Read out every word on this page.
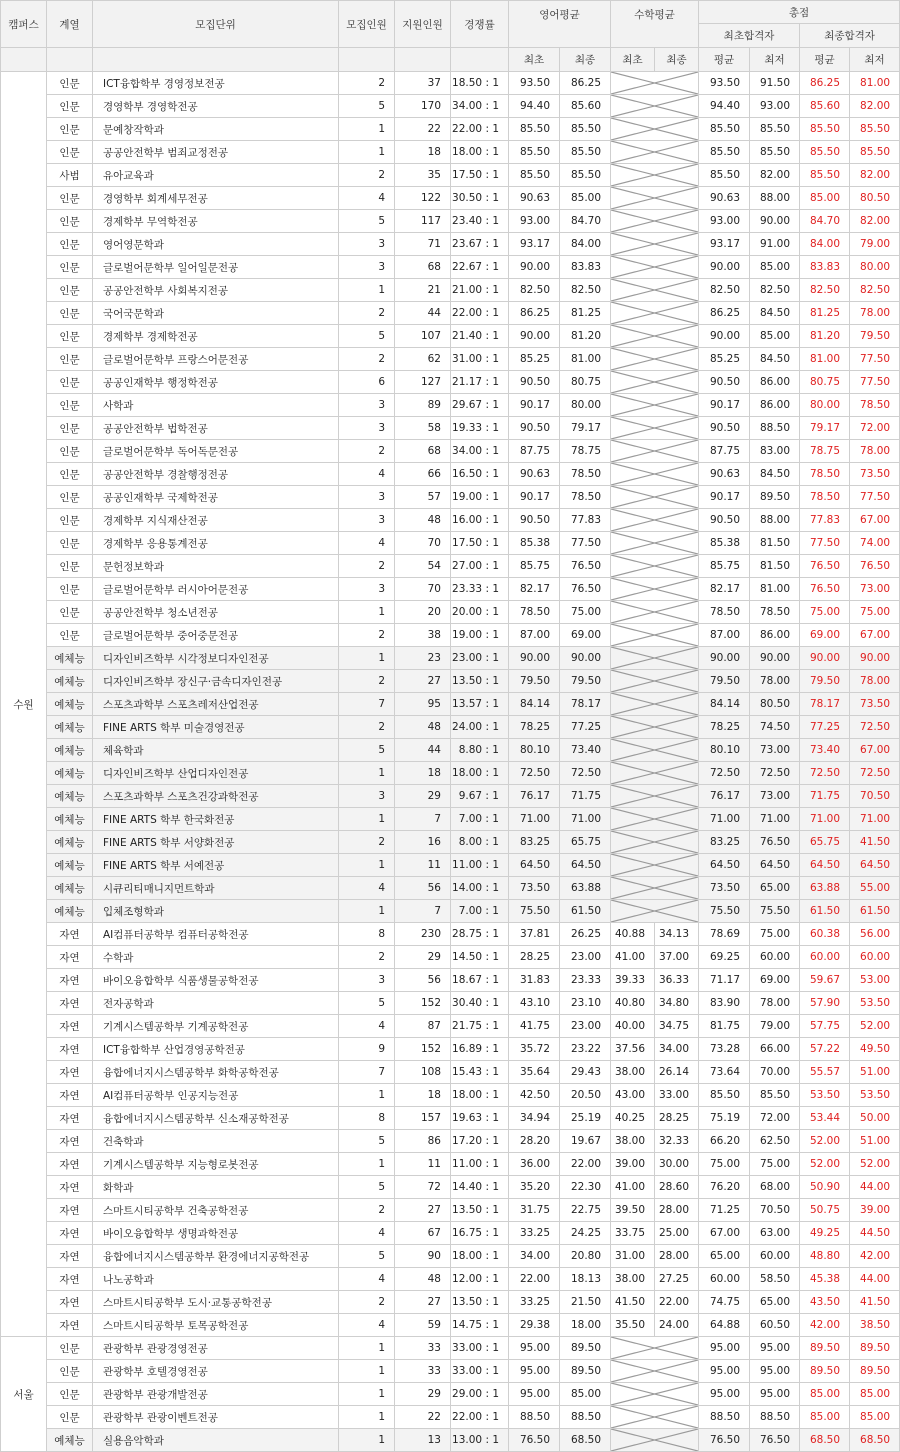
캠퍼스	계열	모집단위	모집인원	지원인원	경쟁률	영어평균		수학평균		총점			
										최초합격자		최종합격자	
						최초	최종	최초	최종	평균	최저	평균	최저
수원	인문	ICT융합학부 경영정보전공	2	37	18.50 : 1	93.50	86.25			93.50	91.50	86.25	81.00
	인문	경영학부 경영학전공	5	170	34.00 : 1	94.40	85.60			94.40	93.00	85.60	82.00
	인문	문예창작학과	1	22	22.00 : 1	85.50	85.50			85.50	85.50	85.50	85.50
	인문	공공안전학부 범죄교정전공	1	18	18.00 : 1	85.50	85.50			85.50	85.50	85.50	85.50
	사범	유아교육과	2	35	17.50 : 1	85.50	85.50			85.50	82.00	85.50	82.00
	인문	경영학부 회계세무전공	4	122	30.50 : 1	90.63	85.00			90.63	88.00	85.00	80.50
	인문	경제학부 무역학전공	5	117	23.40 : 1	93.00	84.70			93.00	90.00	84.70	82.00
	인문	영어영문학과	3	71	23.67 : 1	93.17	84.00			93.17	91.00	84.00	79.00
	인문	글로벌어문학부 일어일문전공	3	68	22.67 : 1	90.00	83.83			90.00	85.00	83.83	80.00
	인문	공공안전학부 사회복지전공	1	21	21.00 : 1	82.50	82.50			82.50	82.50	82.50	82.50
	인문	국어국문학과	2	44	22.00 : 1	86.25	81.25			86.25	84.50	81.25	78.00
	인문	경제학부 경제학전공	5	107	21.40 : 1	90.00	81.20			90.00	85.00	81.20	79.50
	인문	글로벌어문학부 프랑스어문전공	2	62	31.00 : 1	85.25	81.00			85.25	84.50	81.00	77.50
	인문	공공인재학부 행정학전공	6	127	21.17 : 1	90.50	80.75			90.50	86.00	80.75	77.50
	인문	사학과	3	89	29.67 : 1	90.17	80.00			90.17	86.00	80.00	78.50
	인문	공공안전학부 법학전공	3	58	19.33 : 1	90.50	79.17			90.50	88.50	79.17	72.00
	인문	글로벌어문학부 독어독문전공	2	68	34.00 : 1	87.75	78.75			87.75	83.00	78.75	78.00
	인문	공공안전학부 경찰행정전공	4	66	16.50 : 1	90.63	78.50			90.63	84.50	78.50	73.50
	인문	공공인재학부 국제학전공	3	57	19.00 : 1	90.17	78.50			90.17	89.50	78.50	77.50
	인문	경제학부 지식재산전공	3	48	16.00 : 1	90.50	77.83			90.50	88.00	77.83	67.00
	인문	경제학부 응용통계전공	4	70	17.50 : 1	85.38	77.50			85.38	81.50	77.50	74.00
	인문	문헌정보학과	2	54	27.00 : 1	85.75	76.50			85.75	81.50	76.50	76.50
	인문	글로벌어문학부 러시아어문전공	3	70	23.33 : 1	82.17	76.50			82.17	81.00	76.50	73.00
	인문	공공안전학부 청소년전공	1	20	20.00 : 1	78.50	75.00			78.50	78.50	75.00	75.00
	인문	글로벌어문학부 중어중문전공	2	38	19.00 : 1	87.00	69.00			87.00	86.00	69.00	67.00
	예체능	디자인비즈학부 시각정보디자인전공	1	23	23.00 : 1	90.00	90.00			90.00	90.00	90.00	90.00
	예체능	디자인비즈학부 장신구·금속디자인전공	2	27	13.50 : 1	79.50	79.50			79.50	78.00	79.50	78.00
	예체능	스포츠과학부 스포츠레저산업전공	7	95	13.57 : 1	84.14	78.17			84.14	80.50	78.17	73.50
	예체능	FINE ARTS 학부 미술경영전공	2	48	24.00 : 1	78.25	77.25			78.25	74.50	77.25	72.50
	예체능	체육학과	5	44	8.80 : 1	80.10	73.40			80.10	73.00	73.40	67.00
	예체능	디자인비즈학부 산업디자인전공	1	18	18.00 : 1	72.50	72.50			72.50	72.50	72.50	72.50
	예체능	스포츠과학부 스포츠건강과학전공	3	29	9.67 : 1	76.17	71.75			76.17	73.00	71.75	70.50
	예체능	FINE ARTS 학부 한국화전공	1	7	7.00 : 1	71.00	71.00			71.00	71.00	71.00	71.00
	예체능	FINE ARTS 학부 서양화전공	2	16	8.00 : 1	83.25	65.75			83.25	76.50	65.75	41.50
	예체능	FINE ARTS 학부 서예전공	1	11	11.00 : 1	64.50	64.50			64.50	64.50	64.50	64.50
	예체능	시큐리티매니지먼트학과	4	56	14.00 : 1	73.50	63.88			73.50	65.00	63.88	55.00
	예체능	입체조형학과	1	7	7.00 : 1	75.50	61.50			75.50	75.50	61.50	61.50
	자연	AI컴퓨터공학부 컴퓨터공학전공	8	230	28.75 : 1	37.81	26.25	40.88	34.13	78.69	75.00	60.38	56.00
	자연	수학과	2	29	14.50 : 1	28.25	23.00	41.00	37.00	69.25	60.00	60.00	60.00
	자연	바이오융합학부 식품생물공학전공	3	56	18.67 : 1	31.83	23.33	39.33	36.33	71.17	69.00	59.67	53.00
	자연	전자공학과	5	152	30.40 : 1	43.10	23.10	40.80	34.80	83.90	78.00	57.90	53.50
	자연	기계시스템공학부 기계공학전공	4	87	21.75 : 1	41.75	23.00	40.00	34.75	81.75	79.00	57.75	52.00
	자연	ICT융합학부 산업경영공학전공	9	152	16.89 : 1	35.72	23.22	37.56	34.00	73.28	66.00	57.22	49.50
	자연	융합에너지시스템공학부 화학공학전공	7	108	15.43 : 1	35.64	29.43	38.00	26.14	73.64	70.00	55.57	51.00
	자연	AI컴퓨터공학부 인공지능전공	1	18	18.00 : 1	42.50	20.50	43.00	33.00	85.50	85.50	53.50	53.50
	자연	융합에너지시스템공학부 신소재공학전공	8	157	19.63 : 1	34.94	25.19	40.25	28.25	75.19	72.00	53.44	50.00
	자연	건축학과	5	86	17.20 : 1	28.20	19.67	38.00	32.33	66.20	62.50	52.00	51.00
	자연	기계시스템공학부 지능형로봇전공	1	11	11.00 : 1	36.00	22.00	39.00	30.00	75.00	75.00	52.00	52.00
	자연	화학과	5	72	14.40 : 1	35.20	22.30	41.00	28.60	76.20	68.00	50.90	44.00
	자연	스마트시티공학부 건축공학전공	2	27	13.50 : 1	31.75	22.75	39.50	28.00	71.25	70.50	50.75	39.00
	자연	바이오융합학부 생명과학전공	4	67	16.75 : 1	33.25	24.25	33.75	25.00	67.00	63.00	49.25	44.50
	자연	융합에너지시스템공학부 환경에너지공학전공	5	90	18.00 : 1	34.00	20.80	31.00	28.00	65.00	60.00	48.80	42.00
	자연	나노공학과	4	48	12.00 : 1	22.00	18.13	38.00	27.25	60.00	58.50	45.38	44.00
	자연	스마트시티공학부 도시·교통공학전공	2	27	13.50 : 1	33.25	21.50	41.50	22.00	74.75	65.00	43.50	41.50
	자연	스마트시티공학부 토목공학전공	4	59	14.75 : 1	29.38	18.00	35.50	24.00	64.88	60.50	42.00	38.50
서울	인문	관광학부 관광경영전공	1	33	33.00 : 1	95.00	89.50			95.00	95.00	89.50	89.50
	인문	관광학부 호텔경영전공	1	33	33.00 : 1	95.00	89.50			95.00	95.00	89.50	89.50
	인문	관광학부 관광개발전공	1	29	29.00 : 1	95.00	85.00			95.00	95.00	85.00	85.00
	인문	관광학부 관광이벤트전공	1	22	22.00 : 1	88.50	88.50			88.50	88.50	85.00	85.00
	예체능	실용음악학과	1	13	13.00 : 1	76.50	68.50			76.50	76.50	68.50	68.50
